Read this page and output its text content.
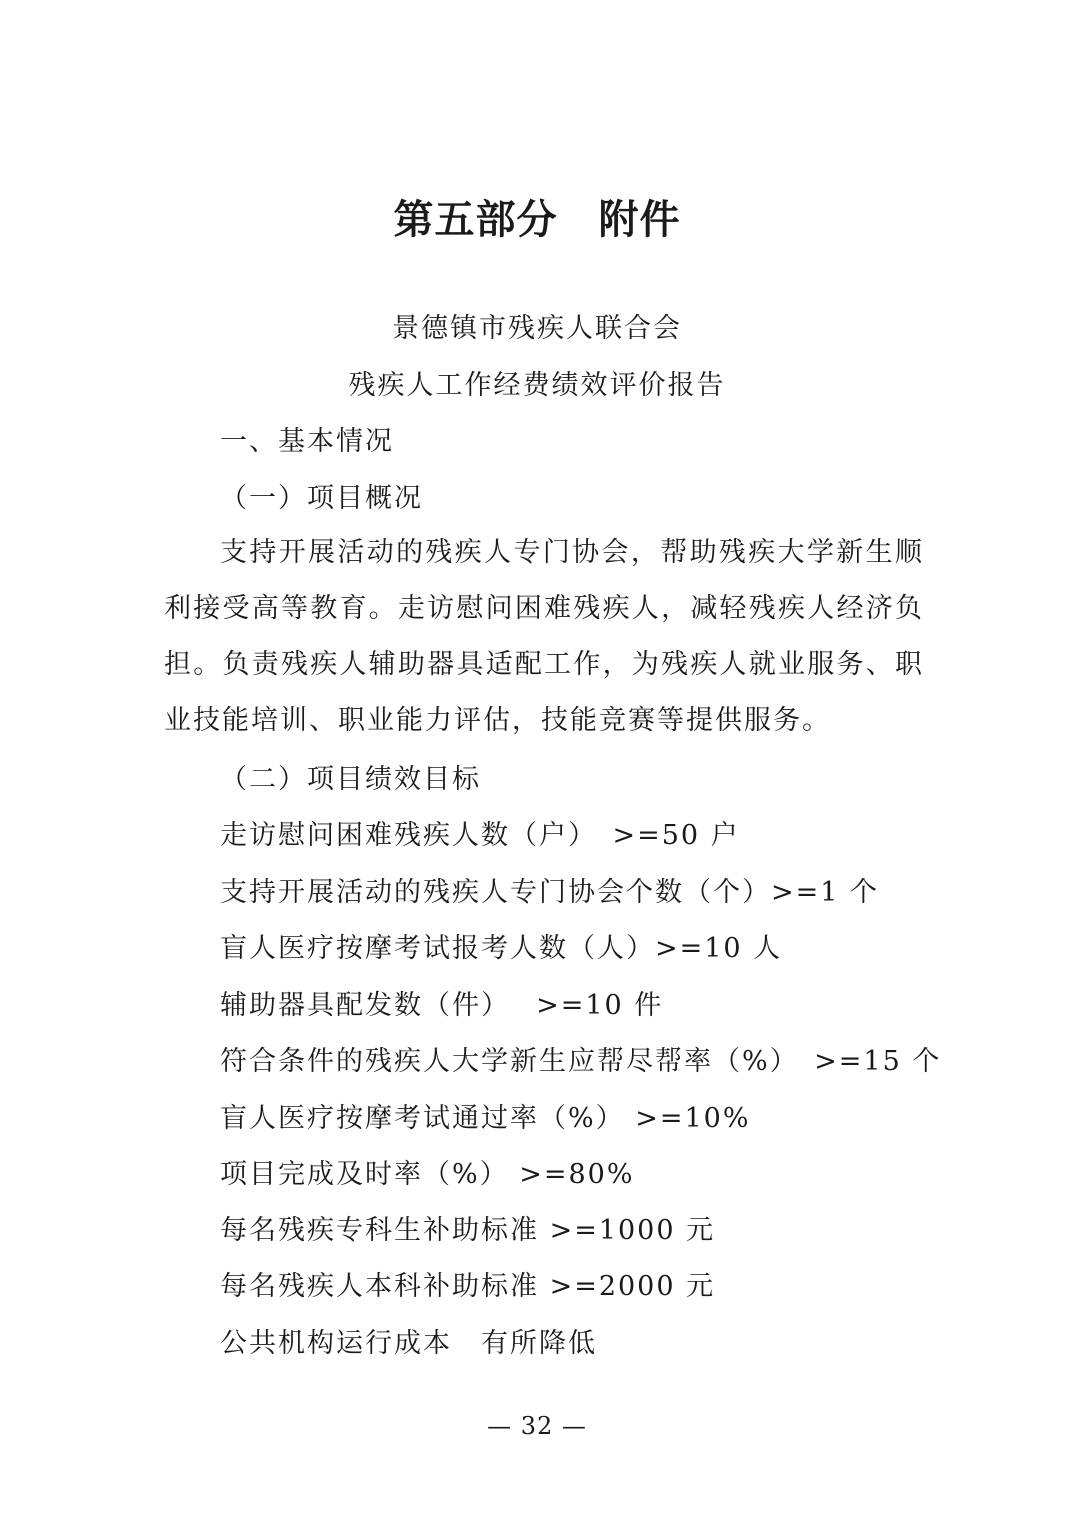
第五部分　附件
景德镇市残疾人联合会
残疾人工作经费绩效评价报告
一、基本情况
（一）项目概况

支持开展活动的残疾人专门协会，帮助残疾大学新生顺利接受高等教育。走访慰问困难残疾人，减轻残疾人经济负担。负责残疾人辅助器具适配工作，为残疾人就业服务、职业技能培训、职业能力评估，技能竞赛等提供服务。

（二）项目绩效目标
走访慰问困难残疾人数（户）　>=50 户
支持开展活动的残疾人专门协会个数（个）>=1 个
盲人医疗按摩考试报考人数（人）>=10 人
辅助器具配发数（件）　 >=10 件
符合条件的残疾人大学新生应帮尽帮率（%）　>=15 个
盲人医疗按摩考试通过率（%） >=10%
项目完成及时率（%） >=80%
每名残疾专科生补助标准 >=1000 元
每名残疾人本科补助标准 >=2000 元
公共机构运行成本　有所降低
— 32 —
